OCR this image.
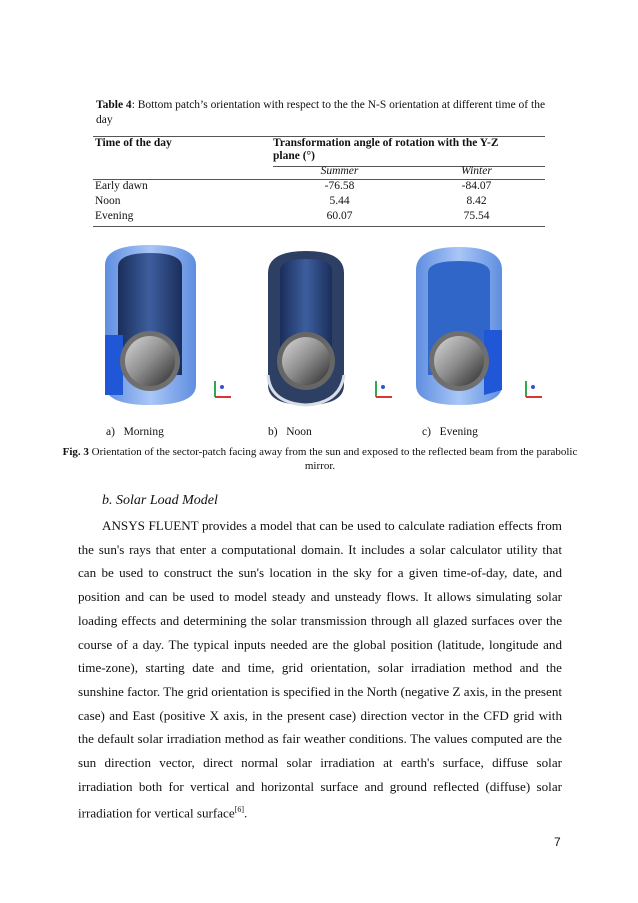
Table 4: Bottom patch’s orientation with respect to the the N-S orientation at different time of the day
Time of the day	Transformation angle of rotation with the Y-Z plane (°)	
	Summer	Winter
Early dawn	-76.58	-84.07
Noon	5.44	8.42
Evening	60.07	75.54
a) Morning	b) Noon	c) Evening
Fig. 3 Orientation of the sector-patch facing away from the sun and exposed to the reflected beam from the parabolic mirror.
b. Solar Load Model
ANSYS FLUENT provides a model that can be used to calculate radiation effects from the sun's rays that enter a computational domain. It includes a solar calculator utility that can be used to construct the sun's location in the sky for a given time-of-day, date, and position and can be used to model steady and unsteady flows. It allows simulating solar loading effects and determining the solar transmission through all glazed surfaces over the course of a day. The typical inputs needed are the global position (latitude, longitude and time-zone), starting date and time, grid orientation, solar irradiation method and the sunshine factor. The grid orientation is specified in the North (negative Z axis, in the present case) and East (positive X axis, in the present case) direction vector in the CFD grid with the default solar irradiation method as fair weather conditions. The values computed are the sun direction vector, direct normal solar irradiation at earth's surface, diffuse solar irradiation both for vertical and horizontal surface and ground reflected (diffuse) solar irradiation for vertical surface[6].
7
